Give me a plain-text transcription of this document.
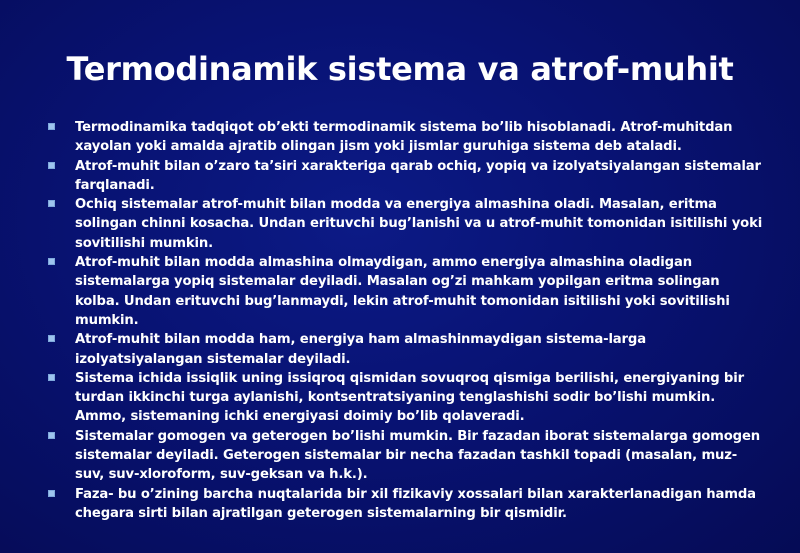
Termodinamik sistema va atrof-muhit
Termodinamika tadqiqot ob’ekti termodinamik sistema bo’lib hisoblanadi. Atrof-muhitdan xayolan yoki amalda ajratib olingan jism yoki jismlar guruhiga sistema deb ataladi.
Atrof-muhit bilan o’zaro ta’siri xarakteriga qarab ochiq, yopiq va izolyatsiyalangan sistemalar farqlanadi.
Ochiq sistemalar atrof-muhit bilan modda va energiya almashina oladi. Masalan, eritma solingan chinni kosacha. Undan erituvchi bug’lanishi va u atrof-muhit tomonidan isitilishi yoki sovitilishi mumkin.
Atrof-muhit bilan modda almashina olmaydigan, ammo energiya almashina oladigan sistemalarga yopiq sistemalar deyiladi. Masalan og’zi mahkam yopilgan eritma solingan kolba. Undan erituvchi bug’lanmaydi, lekin atrof-muhit tomonidan isitilishi yoki sovitilishi mumkin.
Atrof-muhit bilan modda ham, energiya ham almashinmaydigan sistema-larga izolyatsiyalangan sistemalar deyiladi.
Sistema ichida issiqlik uning issiqroq qismidan sovuqroq qismiga berilishi, energiyaning bir turdan ikkinchi turga aylanishi, kontsentratsiyaning tenglashishi sodir bo’lishi mumkin. Ammo, sistemaning ichki energiyasi doimiy bo’lib qolaveradi.
Sistemalar gomogen va geterogen bo’lishi mumkin. Bir fazadan iborat sistemalarga gomogen sistemalar deyiladi. Geterogen sistemalar bir necha fazadan tashkil topadi (masalan, muz-suv, suv-xloroform, suv-geksan va h.k.).
Faza- bu o’zining barcha nuqtalarida bir xil fizikaviy xossalari bilan xarakterlanadigan hamda chegara sirti bilan ajratilgan geterogen sistemalarning bir qismidir.
